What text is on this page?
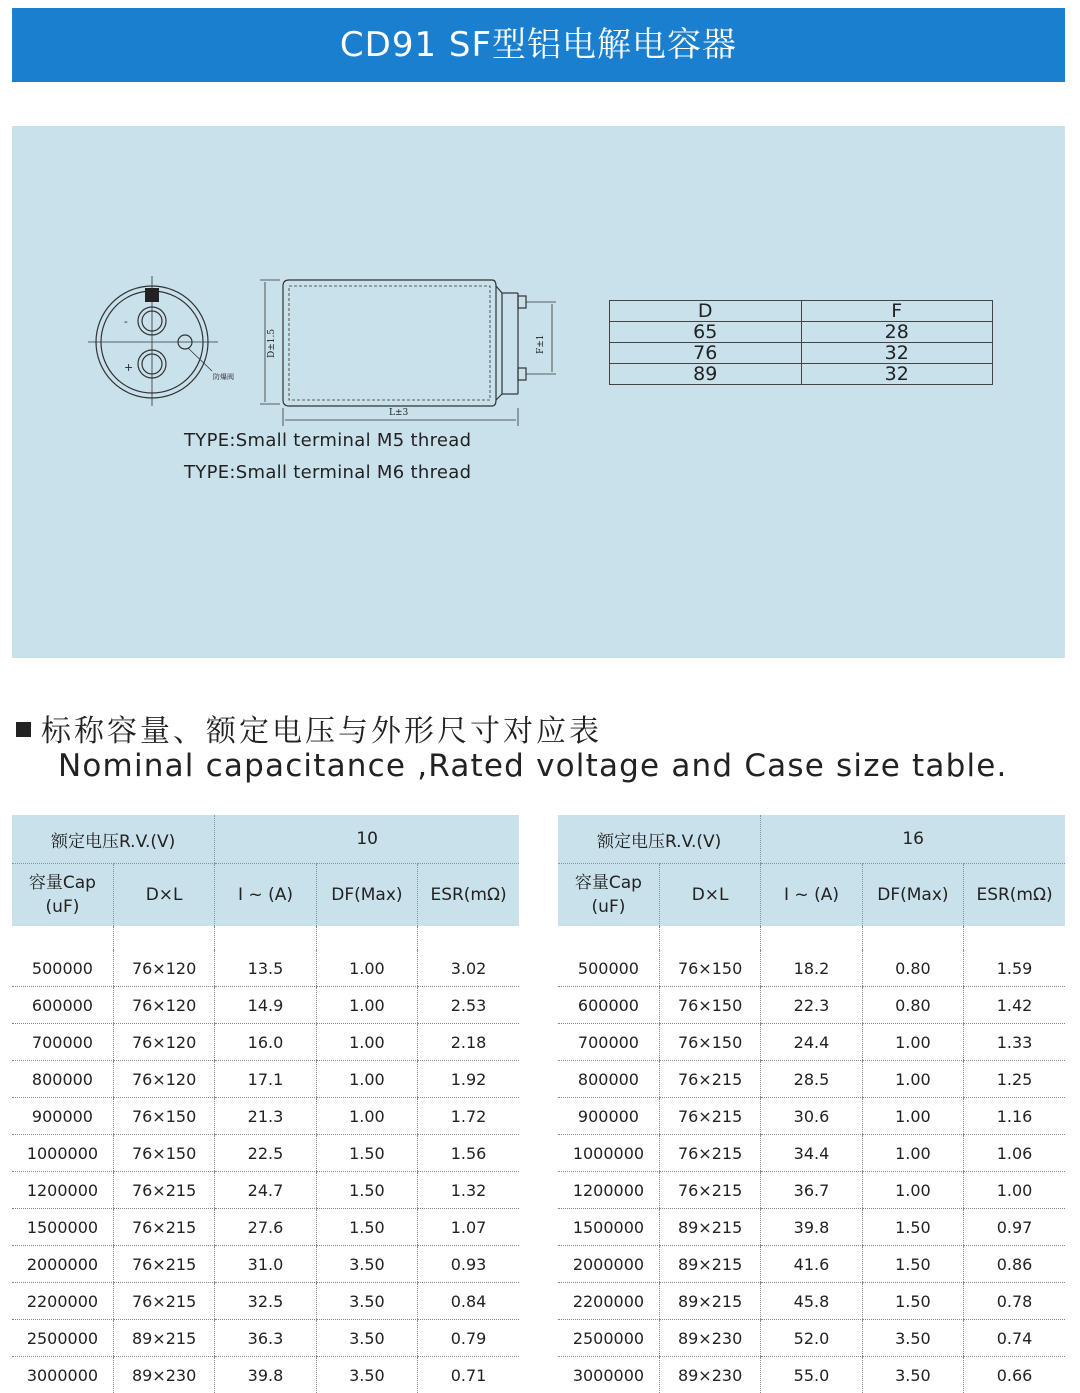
CD91 SF型铝电解电容器
-
+
防爆阀
D±1.5	F±1
L±3
D	F
65	28
76	32
89	32
TYPE:Small terminal M5 thread
TYPE:Small terminal M6 thread
标称容量、额定电压与外形尺寸对应表
Nominal capacitance ,Rated voltage and Case size table.
额定电压R.V.(V)		10		
容量Cap
(uF)	D×L	I ~ (A)	DF(Max)	ESR(mΩ)

500000	76×120	13.5	1.00	3.02
600000	76×120	14.9	1.00	2.53
700000	76×120	16.0	1.00	2.18
800000	76×120	17.1	1.00	1.92
900000	76×150	21.3	1.00	1.72
1000000	76×150	22.5	1.50	1.56
1200000	76×215	24.7	1.50	1.32
1500000	76×215	27.6	1.50	1.07
2000000	76×215	31.0	3.50	0.93
2200000	76×215	32.5	3.50	0.84
2500000	89×215	36.3	3.50	0.79
3000000	89×230	39.8	3.50	0.71
额定电压R.V.(V)		16		
容量Cap
(uF)	D×L	I ~ (A)	DF(Max)	ESR(mΩ)

500000	76×150	18.2	0.80	1.59
600000	76×150	22.3	0.80	1.42
700000	76×150	24.4	1.00	1.33
800000	76×215	28.5	1.00	1.25
900000	76×215	30.6	1.00	1.16
1000000	76×215	34.4	1.00	1.06
1200000	76×215	36.7	1.00	1.00
1500000	89×215	39.8	1.50	0.97
2000000	89×215	41.6	1.50	0.86
2200000	89×215	45.8	1.50	0.78
2500000	89×230	52.0	3.50	0.74
3000000	89×230	55.0	3.50	0.66
